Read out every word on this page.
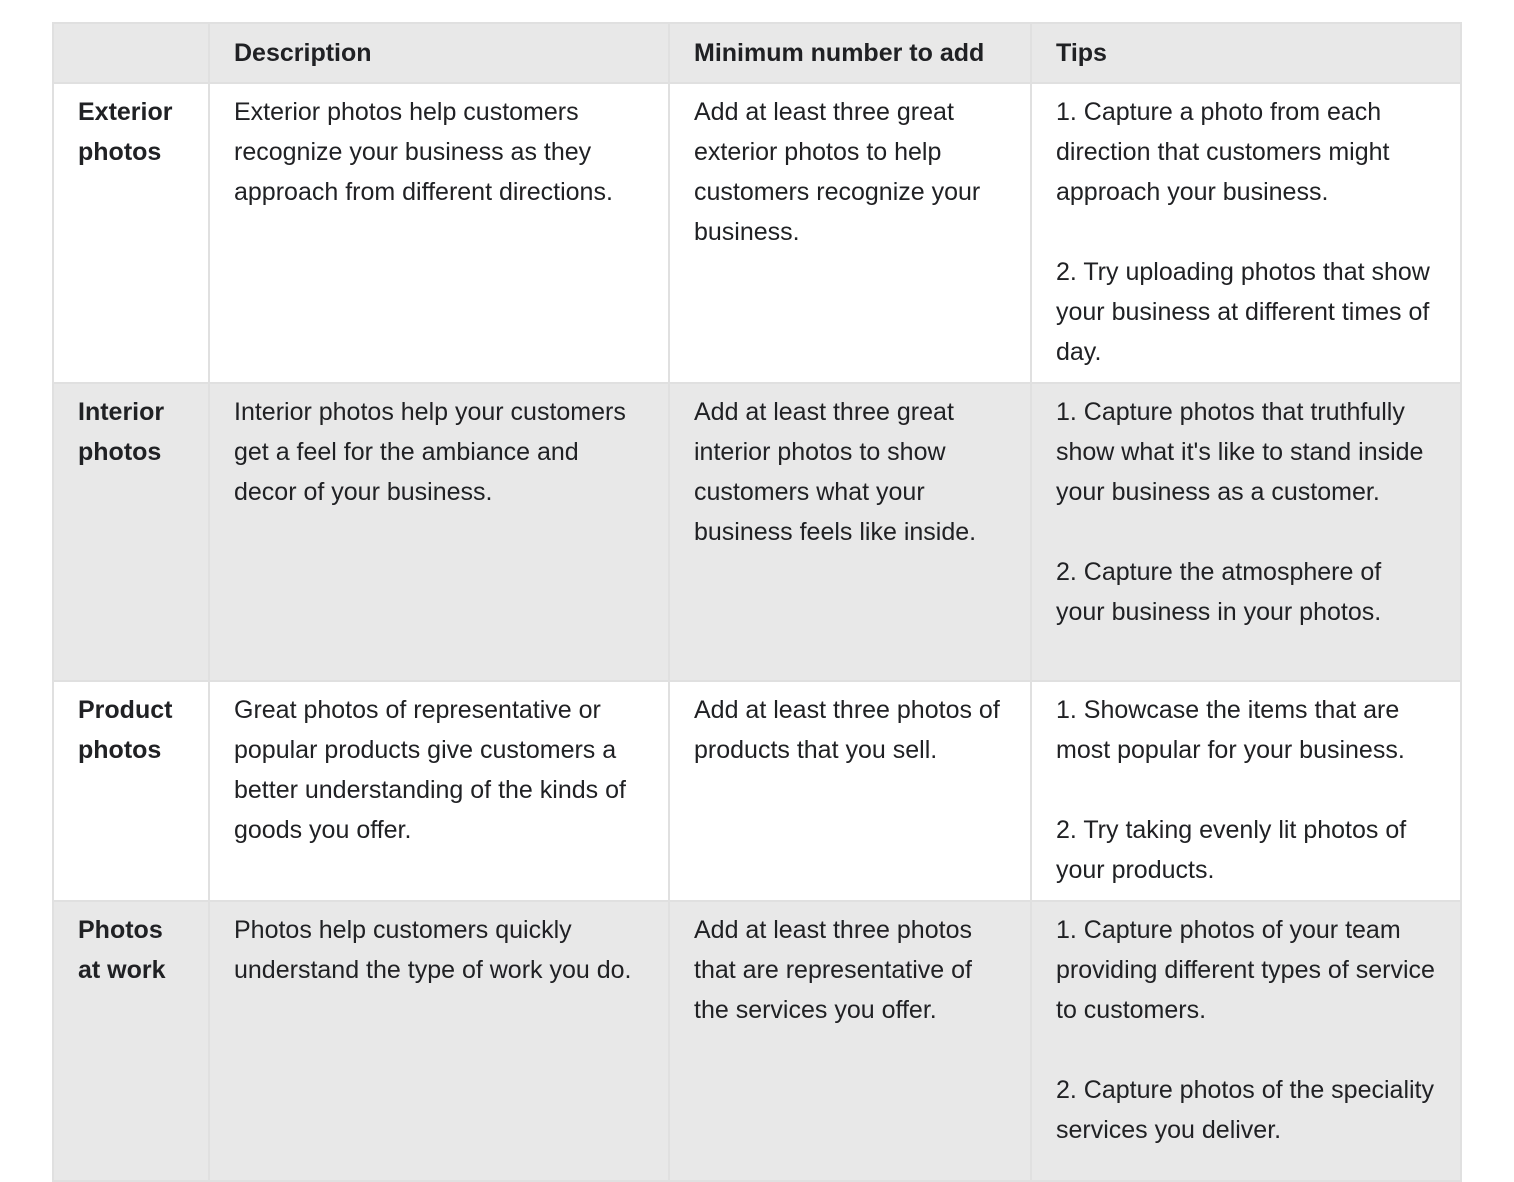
	Description	Minimum number to add	Tips
Exterior photos	Exterior photos help customers recognize your business as they approach from different directions.	Add at least three great exterior photos to help customers recognize your business.	1. Capture a photo from each direction that customers might approach your business.
2. Try uploading photos that show your business at different times of day.

Interior photos	Interior photos help your customers get a feel for the ambiance and decor of your business.	Add at least three great interior photos to show customers what your business feels like inside.	1. Capture photos that truthfully show what it's like to stand inside your business as a customer.
2. Capture the atmosphere of your business in your photos.

Product photos	Great photos of representative or popular products give customers a better understanding of the kinds of goods you offer.	Add at least three photos of products that you sell.	1. Showcase the items that are most popular for your business.
2. Try taking evenly lit photos of your products.

Photos at work	Photos help customers quickly understand the type of work you do.	Add at least three photos that are representative of the services you offer.	1. Capture photos of your team providing different types of service to customers.
2. Capture photos of the speciality services you deliver.
